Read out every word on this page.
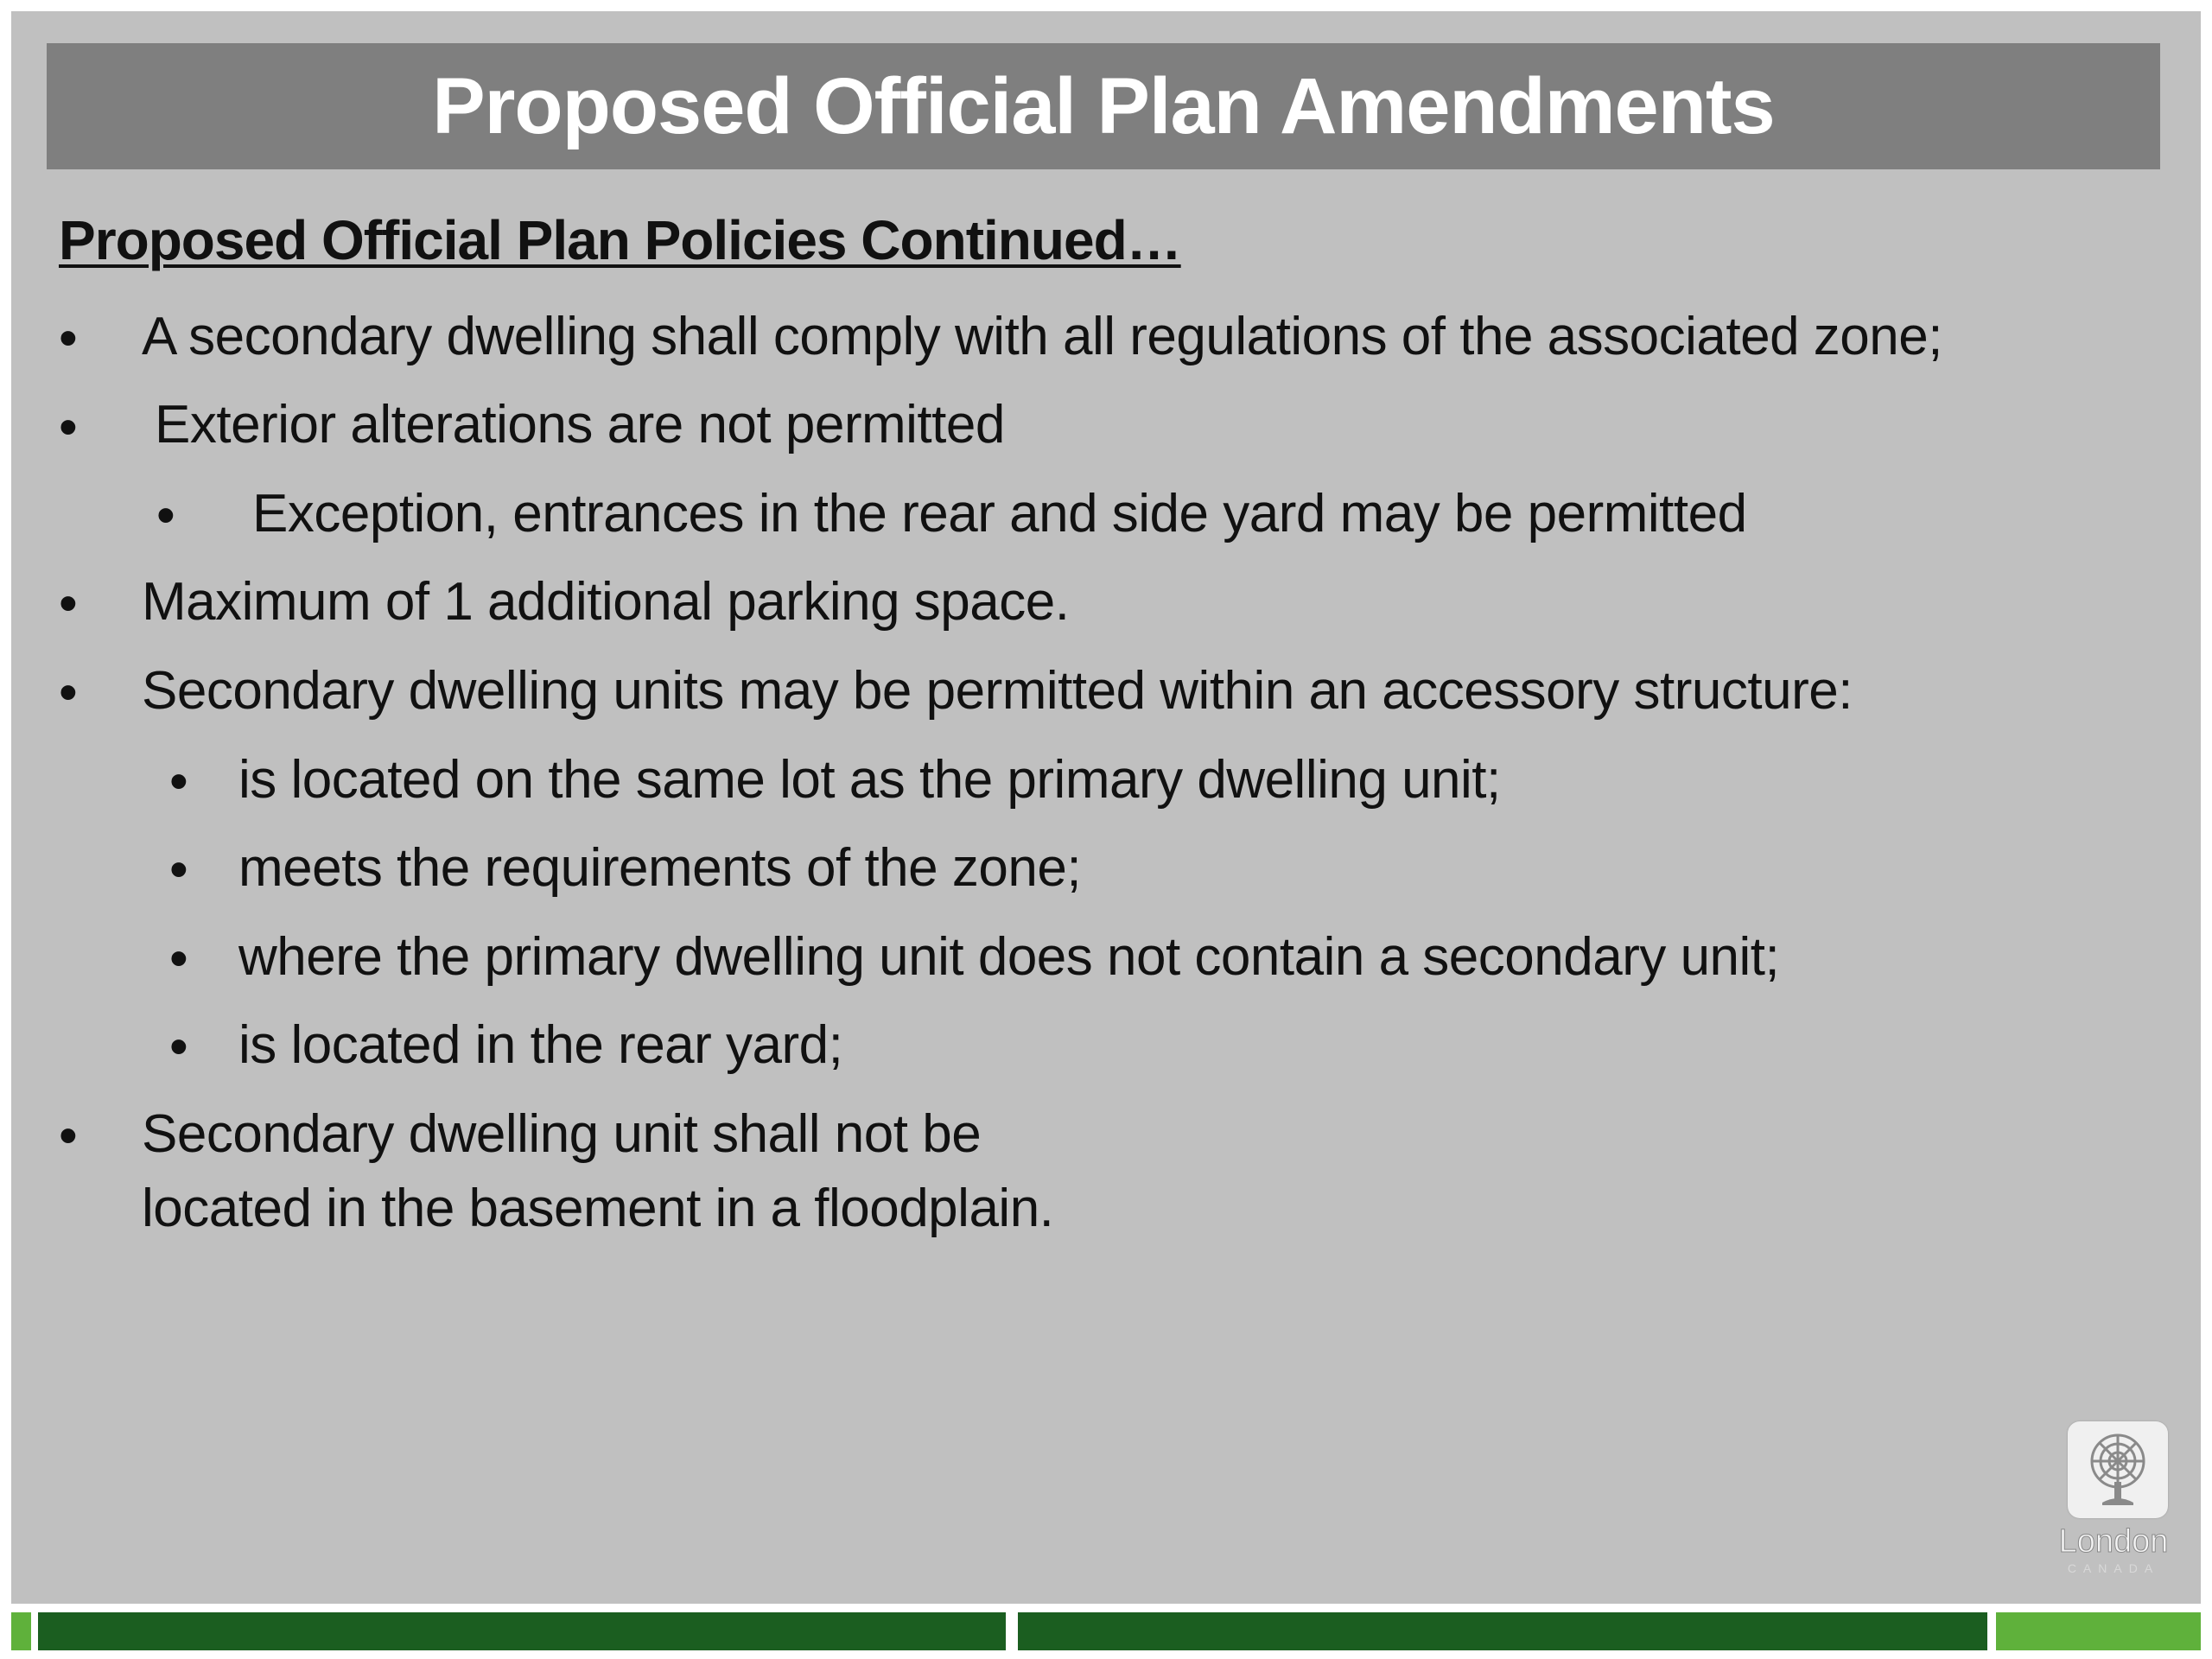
Proposed Official Plan Amendments

Proposed Official Plan Policies Continued…

• A secondary dwelling shall comply with all regulations of the associated zone;
• Exterior alterations are not permitted
• Exception, entrances in the rear and side yard may be permitted
• Maximum of 1 additional parking space.
• Secondary dwelling units may be permitted within an accessory structure:
• is located on the same lot as the primary dwelling unit;
• meets the requirements of the zone;
• where the primary dwelling unit does not contain a secondary unit;
• is located in the rear yard;
• Secondary dwelling unit shall not be
located in the basement in a floodplain.
London
CANADA
